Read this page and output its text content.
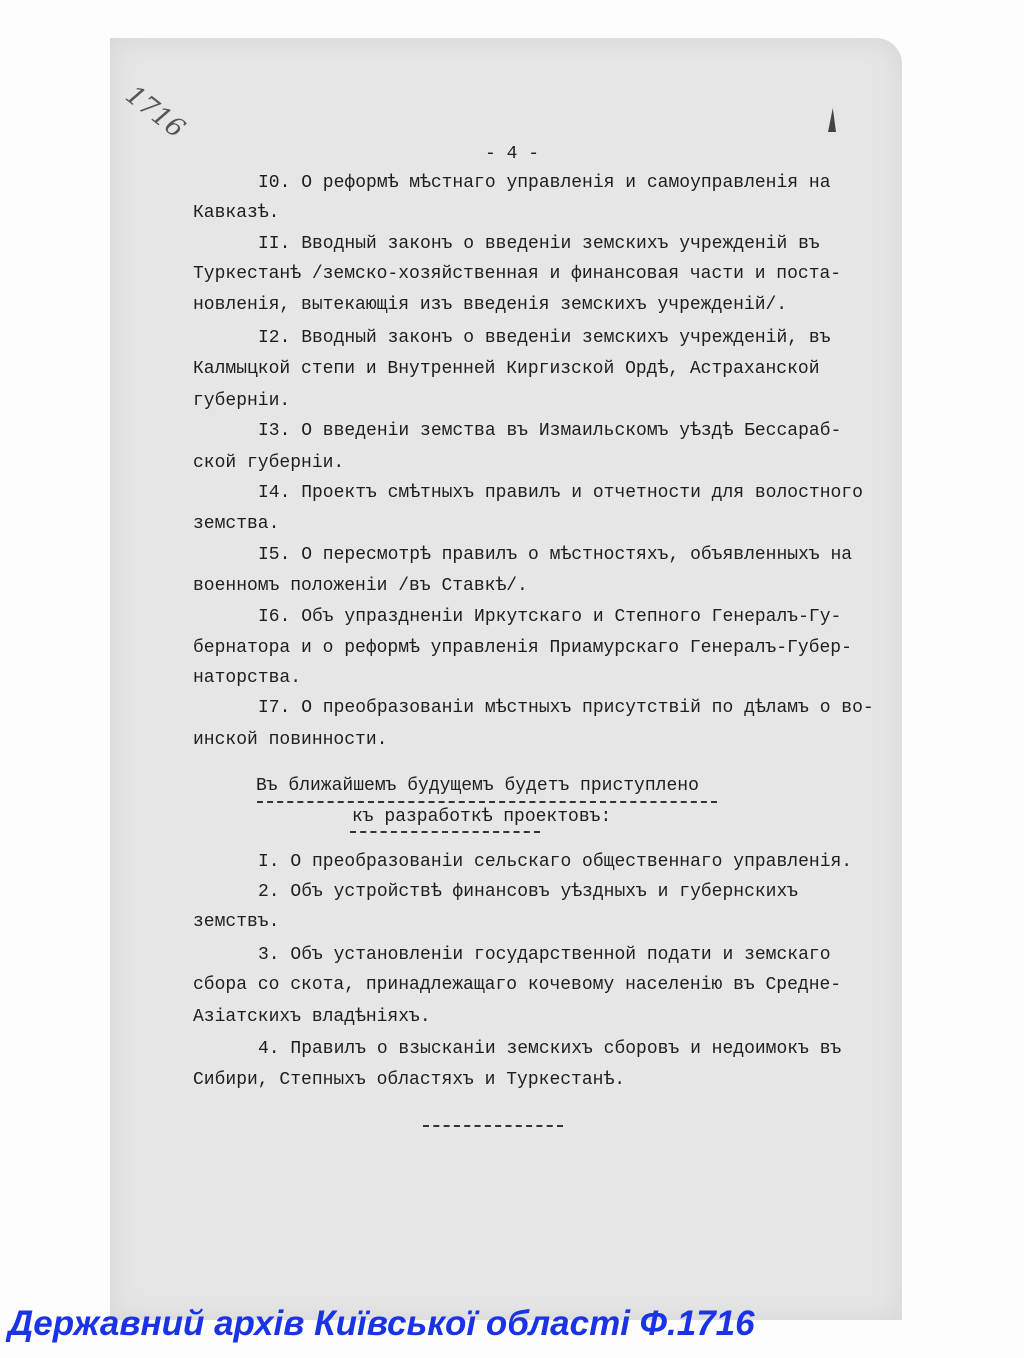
1716
- 4 -
I0. О реформѣ мѣстнаго управленія и самоуправленія на
Кавказѣ.
II. Вводный законъ о введеніи земскихъ учрежденій въ
Туркестанѣ /земско-хозяйственная и финансовая части и поста-
новленія, вытекающія изъ введенія земскихъ учрежденій/.
I2. Вводный законъ о введеніи земскихъ учрежденій, въ
Калмыцкой степи и Внутренней Киргизской Ордѣ, Астраханской
губерніи.
I3. О введеніи земства въ Измаильскомъ уѣздѣ Бессараб-
ской губерніи.
I4. Проектъ смѣтныхъ правилъ и отчетности для волостного
земства.
I5. О пересмотрѣ правилъ о мѣстностяхъ, объявленныхъ на
военномъ положеніи /въ Ставкѣ/.
I6. Объ упраздненіи Иркутскаго и Степного Генералъ-Гу-
бернатора и о реформѣ управленія Приамурскаго Генералъ-Губер-
наторства.
I7. О преобразованіи мѣстныхъ присутствій по дѣламъ о во-
инской повинности.
Въ ближайшемъ будущемъ будетъ приступлено
къ разработкѣ проектовъ:
I. О преобразованіи сельскаго общественнаго управленія.
2. Объ устройствѣ финансовъ уѣздныхъ и губернскихъ
земствъ.
3. Объ установленіи государственной подати и земскаго
сбора со скота, принадлежащаго кочевому населенію въ Средне-
Азіатскихъ владѣніяхъ.
4. Правилъ о взысканіи земскихъ сборовъ и недоимокъ въ
Сибири, Степныхъ областяхъ и Туркестанѣ.
Державний архів Київської області Ф.1716
